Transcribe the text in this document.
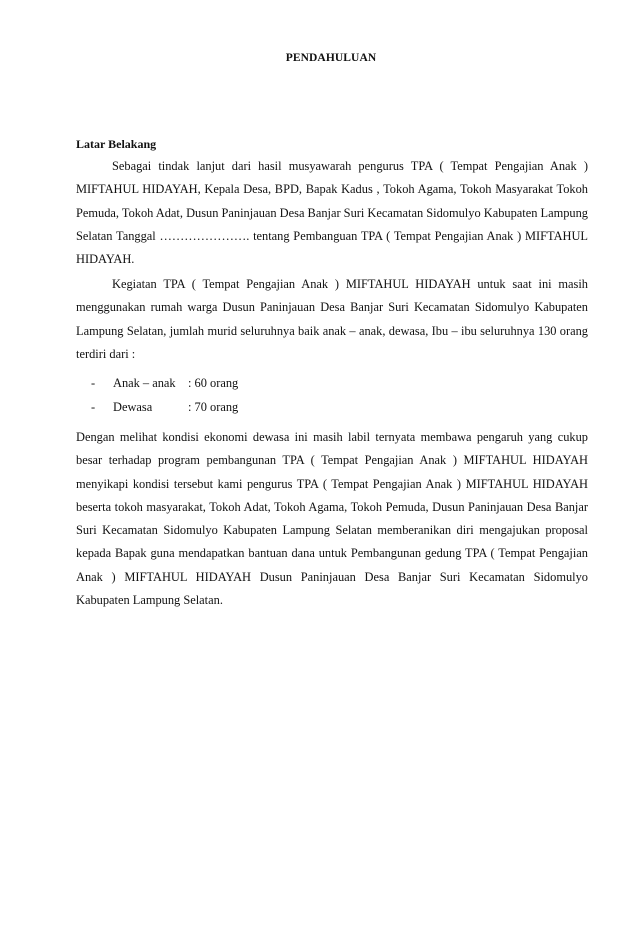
PENDAHULUAN
Latar Belakang

Sebagai tindak lanjut dari hasil musyawarah pengurus TPA ( Tempat Pengajian Anak ) MIFTAHUL HIDAYAH, Kepala Desa, BPD, Bapak Kadus , Tokoh Agama, Tokoh Masyarakat Tokoh Pemuda, Tokoh Adat, Dusun Paninjauan Desa Banjar Suri Kecamatan Sidomulyo Kabupaten Lampung Selatan Tanggal …………………. tentang Pembanguan TPA ( Tempat Pengajian Anak ) MIFTAHUL HIDAYAH.

Kegiatan TPA ( Tempat Pengajian Anak ) MIFTAHUL HIDAYAH untuk saat ini masih menggunakan rumah warga Dusun Paninjauan Desa Banjar Suri Kecamatan Sidomulyo Kabupaten Lampung Selatan, jumlah murid seluruhnya baik anak – anak, dewasa, Ibu – ibu seluruhnya 130 orang terdiri dari :

- Anak – anak : 60 orang
- Dewasa	: 70 orang

Dengan melihat kondisi ekonomi dewasa ini masih labil ternyata membawa pengaruh yang cukup besar terhadap program pembangunan TPA ( Tempat Pengajian Anak ) MIFTAHUL HIDAYAH menyikapi kondisi tersebut kami pengurus TPA ( Tempat Pengajian Anak ) MIFTAHUL HIDAYAH beserta tokoh masyarakat, Tokoh Adat, Tokoh Agama, Tokoh Pemuda, Dusun Paninjauan Desa Banjar Suri Kecamatan Sidomulyo Kabupaten Lampung Selatan memberanikan diri mengajukan proposal kepada Bapak guna mendapatkan bantuan dana untuk Pembangunan gedung TPA ( Tempat Pengajian Anak ) MIFTAHUL HIDAYAH Dusun Paninjauan Desa Banjar Suri Kecamatan Sidomulyo Kabupaten Lampung Selatan.
